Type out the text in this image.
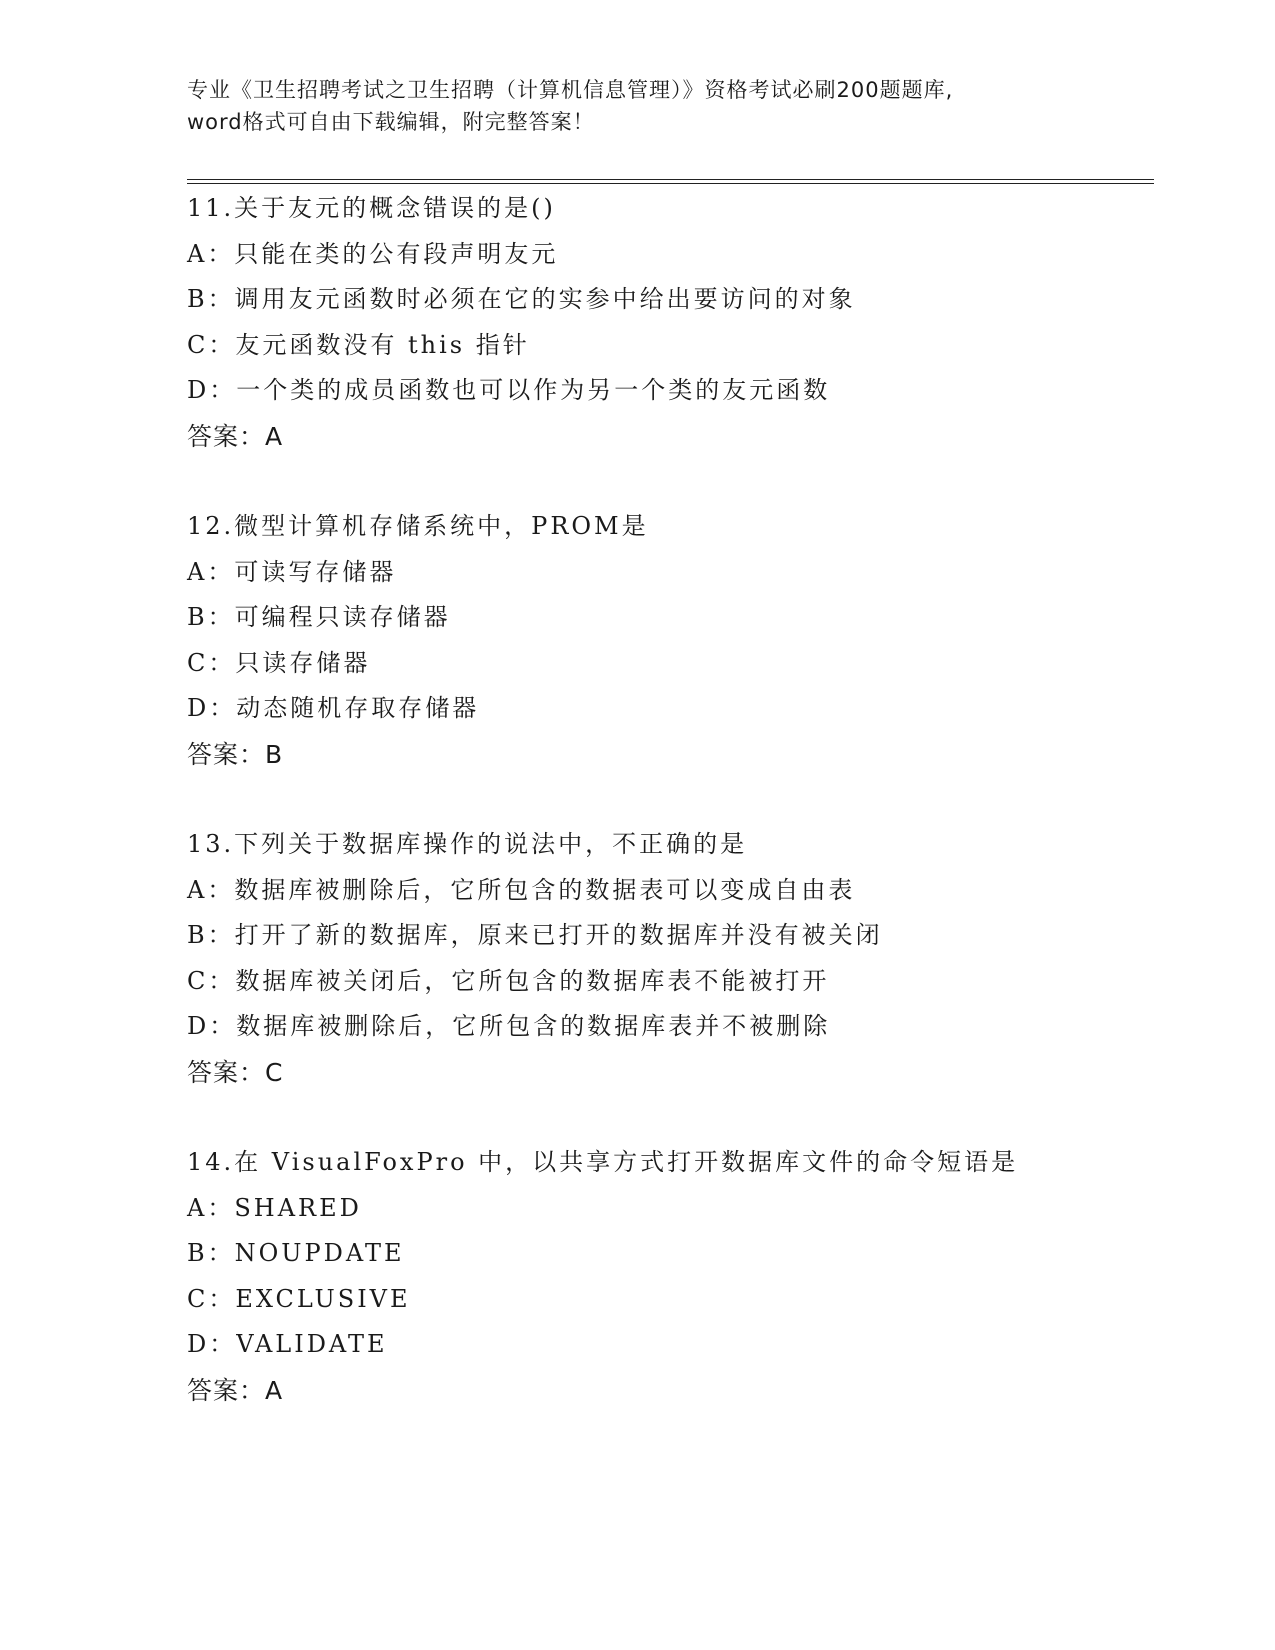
专业《卫生招聘考试之卫生招聘（计算机信息管理）》资格考试必刷200题题库,
word格式可自由下载编辑，附完整答案！
11.关于友元的概念错误的是()
A：只能在类的公有段声明友元
B：调用友元函数时必须在它的实参中给出要访问的对象
C：友元函数没有 this 指针
D：一个类的成员函数也可以作为另一个类的友元函数
答案：A
12.微型计算机存储系统中，PROM是
A：可读写存储器
B：可编程只读存储器
C：只读存储器
D：动态随机存取存储器
答案：B
13.下列关于数据库操作的说法中，不正确的是
A：数据库被删除后，它所包含的数据表可以变成自由表
B：打开了新的数据库，原来已打开的数据库并没有被关闭
C：数据库被关闭后，它所包含的数据库表不能被打开
D：数据库被删除后，它所包含的数据库表并不被删除
答案：C
14.在 VisualFoxPro 中，以共享方式打开数据库文件的命令短语是
A：SHARED
B：NOUPDATE
C：EXCLUSIVE
D：VALIDATE
答案：A
